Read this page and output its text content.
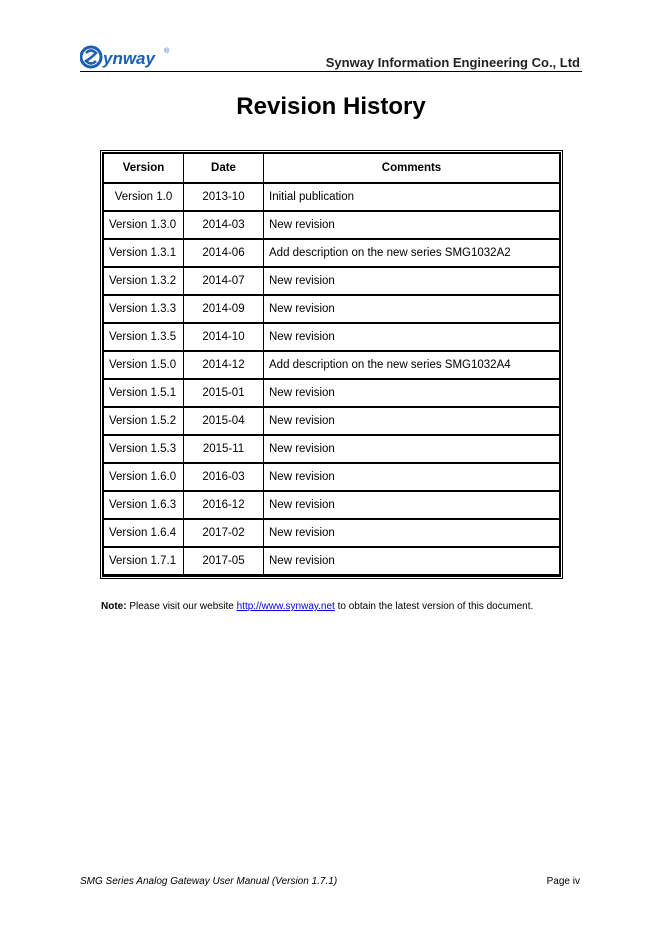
ynway ®
Synway Information Engineering Co., Ltd
Revision History
Version	Date	Comments
Version 1.0	2013-10	Initial publication
Version 1.3.0	2014-03	New revision
Version 1.3.1	2014-06	Add description on the new series SMG1032A2
Version 1.3.2	2014-07	New revision
Version 1.3.3	2014-09	New revision
Version 1.3.5	2014-10	New revision
Version 1.5.0	2014-12	Add description on the new series SMG1032A4
Version 1.5.1	2015-01	New revision
Version 1.5.2	2015-04	New revision
Version 1.5.3	2015-11	New revision
Version 1.6.0	2016-03	New revision
Version 1.6.3	2016-12	New revision
Version 1.6.4	2017-02	New revision
Version 1.7.1	2017-05	New revision
Note: Please visit our website http://www.synway.net to obtain the latest version of this document.
SMG Series Analog Gateway User Manual (Version 1.7.1)	Page iv
